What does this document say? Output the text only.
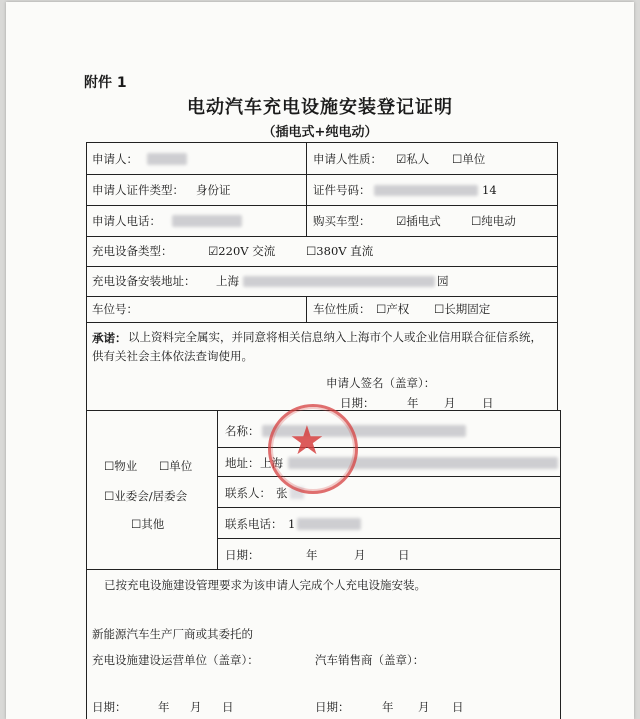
附件 1
电动汽车充电设施安装登记证明
（插电式+纯电动）
申请人：	申请人性质： ☑私人 ☐单位
申请人证件类型： 身份证	证件号码：	14
申请人电话：	购买车型： ☑插电式	☐纯电动
充电设备类型：	☑220V 交流	☐380V 直流
充电设备安装地址： 上海	园
车位号：	车位性质： ☐产权 ☐长期固定
承诺： 以上资料完全属实，并同意将相关信息纳入上海市个人或企业信用联合征信系统，供有关社会主体依法查询使用。
申请人签名（盖章）：
日期：	年 月 日
☐物业 ☐单位
☐业委会/居委会
☐其他
名称：
地址： 上海
联系人： 张
联系电话： 1
日期：	年	月	日
★
已按充电设施建设管理要求为该申请人完成个人充电设施安装。
新能源汽车生产厂商或其委托的
充电设施建设运营单位（盖章）：	汽车销售商（盖章）：
日期：	年 月 日	日期：	年 月 日
